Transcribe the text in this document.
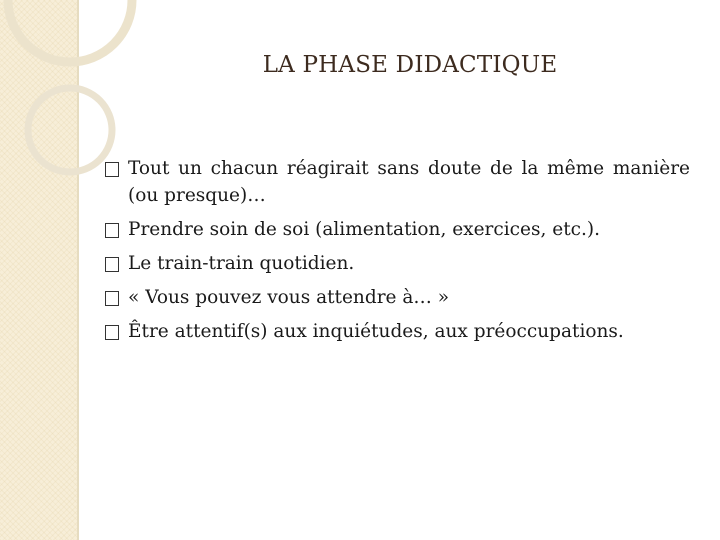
LA PHASE DIDACTIQUE
Tout un chacun réagirait sans doute de la même manière (ou presque)…
Prendre soin de soi (alimentation, exercices, etc.).
Le train-train quotidien.
« Vous pouvez vous attendre à… »
Être attentif(s) aux inquiétudes, aux préoccupations.
